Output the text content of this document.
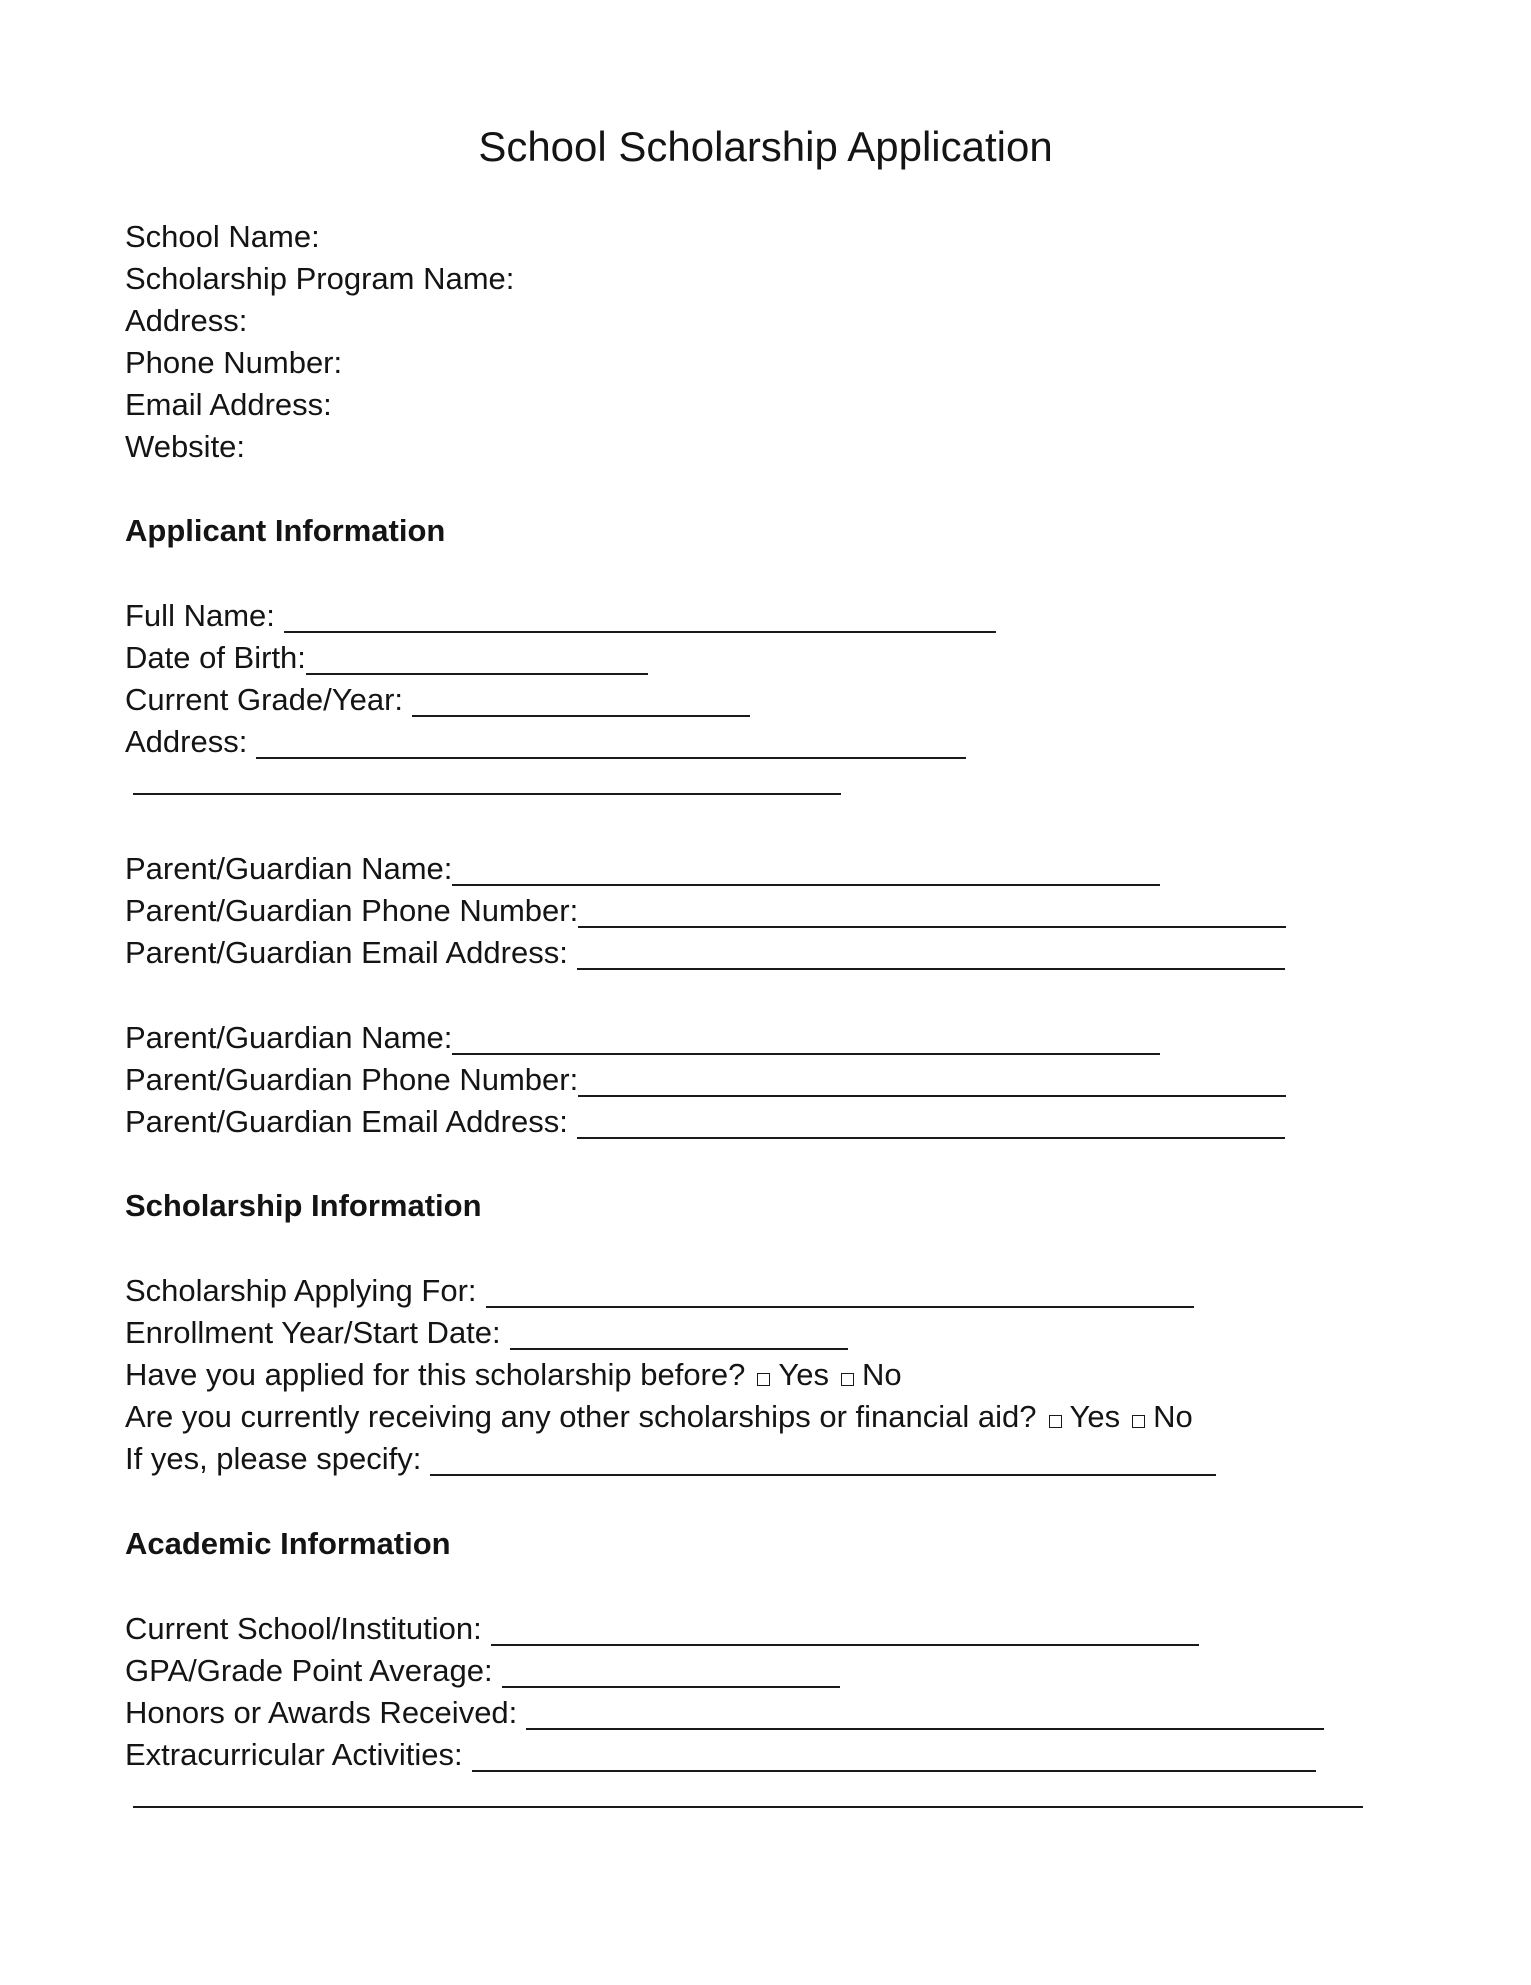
School Scholarship Application
School Name:
Scholarship Program Name:
Address:
Phone Number:
Email Address:
Website:
Applicant Information
Full Name:
Date of Birth:
Current Grade/Year:
Address:
Parent/Guardian Name:
Parent/Guardian Phone Number:
Parent/Guardian Email Address:
Parent/Guardian Name:
Parent/Guardian Phone Number:
Parent/Guardian Email Address:
Scholarship Information
Scholarship Applying For:
Enrollment Year/Start Date:
Have you applied for this scholarship before? Yes No
Are you currently receiving any other scholarships or financial aid? Yes No
If yes, please specify:
Academic Information
Current School/Institution:
GPA/Grade Point Average:
Honors or Awards Received:
Extracurricular Activities:
